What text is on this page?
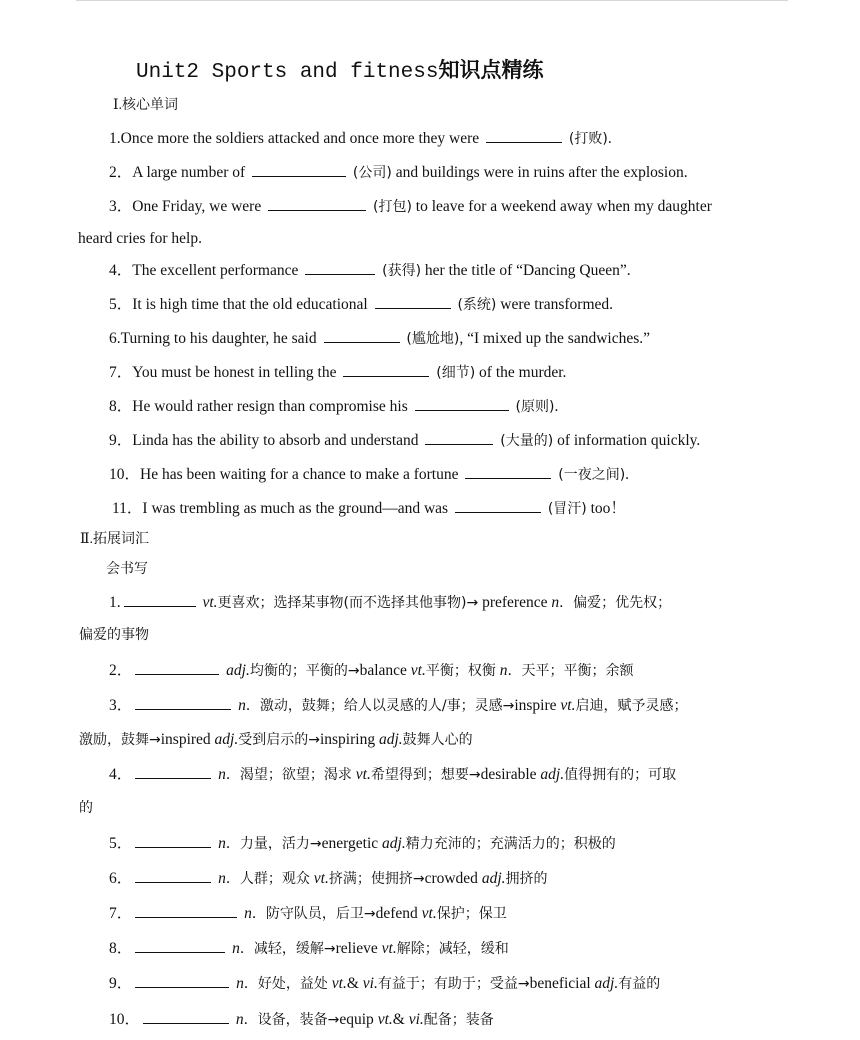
Unit2 Sports and fitness知识点精练
Ⅰ.核心单词
1.Once more the soldiers attacked and once more they were	(打败).
2．A large number of	(公司) and buildings were in ruins after the explosion.
3．One Friday, we were	(打包) to leave for a weekend away when my daughter
heard cries for help.
4．The excellent performance	(获得) her the title of “Dancing Queen”.
5．It is high time that the old educational	(系统) were transformed.
6.Turning to his daughter, he said	(尴尬地), “I mixed up the sandwiches.”
7．You must be honest in telling the	(细节) of the murder.
8．He would rather resign than compromise his	(原则).
9．Linda has the ability to absorb and understand	(大量的) of information quickly.
10．He has been waiting for a chance to make a fortune	(一夜之间).
11．I was trembling as much as the ground—and was	(冒汗) too！
Ⅱ.拓展词汇
会书写
1.	vt.更喜欢；选择某事物(而不选择其他事物)→ preference n．偏爱；优先权；
偏爱的事物
2．	adj.均衡的；平衡的→balance vt.平衡；权衡 n．天平；平衡；余额
3．	n．激动，鼓舞；给人以灵感的人/事；灵感→inspire vt.启迪，赋予灵感；
激励，鼓舞→inspired adj.受到启示的→inspiring adj.鼓舞人心的
4．	n．渴望；欲望；渴求 vt.希望得到；想要→desirable adj.值得拥有的；可取
的
5．	n．力量，活力→energetic adj.精力充沛的；充满活力的；积极的
6．	n．人群；观众 vt.挤满；使拥挤→crowded adj.拥挤的
7．	n．防守队员，后卫→defend vt.保护；保卫
8．	n．减轻，缓解→relieve vt.解除；减轻，缓和
9．	n．好处，益处 vt.& vi.有益于；有助于；受益→beneficial adj.有益的
10．	n．设备，装备→equip vt.& vi.配备；装备
